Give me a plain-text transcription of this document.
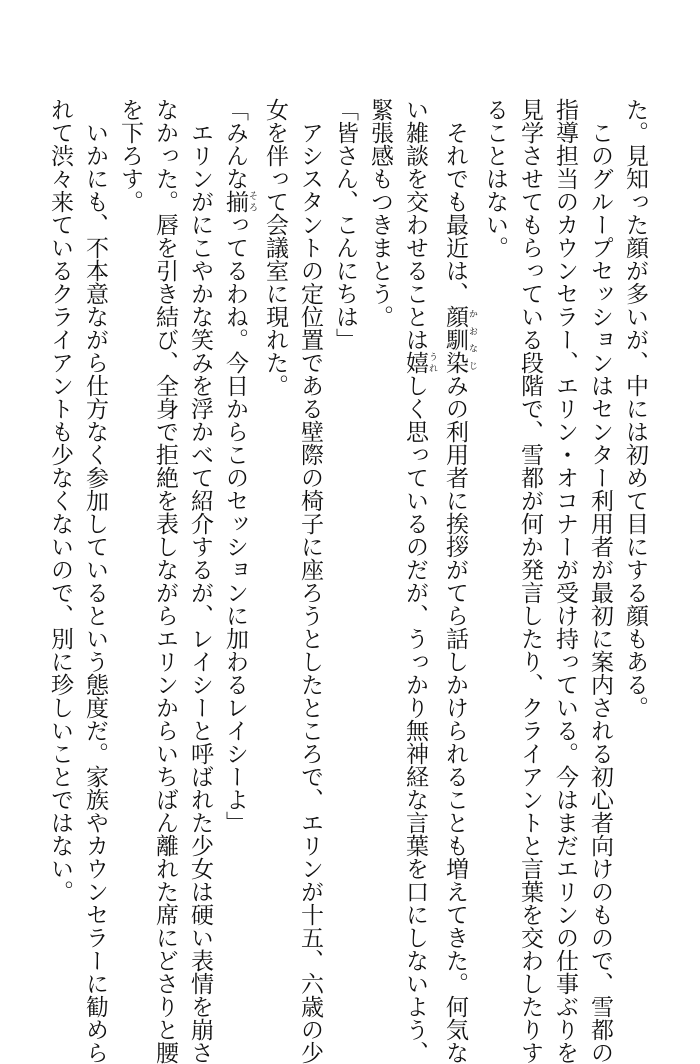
た。見知った顔が多いが、中には初めて目にする顔もある。
　このグループセッションはセンター利用者が最初に案内される初心者向けのもので、雪都の
指導担当のカウンセラー、エリン・オコナーが受け持っている。今はまだエリンの仕事ぶりを
見学させてもらっている段階で、雪都が何か発言したり、クライアントと言葉を交わしたりす
ることはない。
　それでも最近は、顔馴染 かおなじみの利用者に挨拶がてら話しかけられることも増えてきた。何気な
い雑談を交わせることは嬉 うれしく思っているのだが、うっかり無神経な言葉を口にしないよう、
緊張感もつきまとう。
「皆さん、こんにちは」
　アシスタントの定位置である壁際の椅子に座ろうとしたところで、エリンが十五、六歳の少
女を伴って会議室に現れた。
「みんな揃 そろってるわね。今日からこのセッションに加わるレイシーよ」
　エリンがにこやかな笑みを浮かべて紹介するが、レイシーと呼ばれた少女は硬い表情を崩さ
なかった。唇を引き結び、全身で拒絶を表しながらエリンからいちばん離れた席にどさりと腰
を下ろす。
　いかにも、不本意ながら仕方なく参加しているという態度だ。家族やカウンセラーに勧めら
れて渋々来ているクライアントも少なくないので、別に珍しいことではない。
